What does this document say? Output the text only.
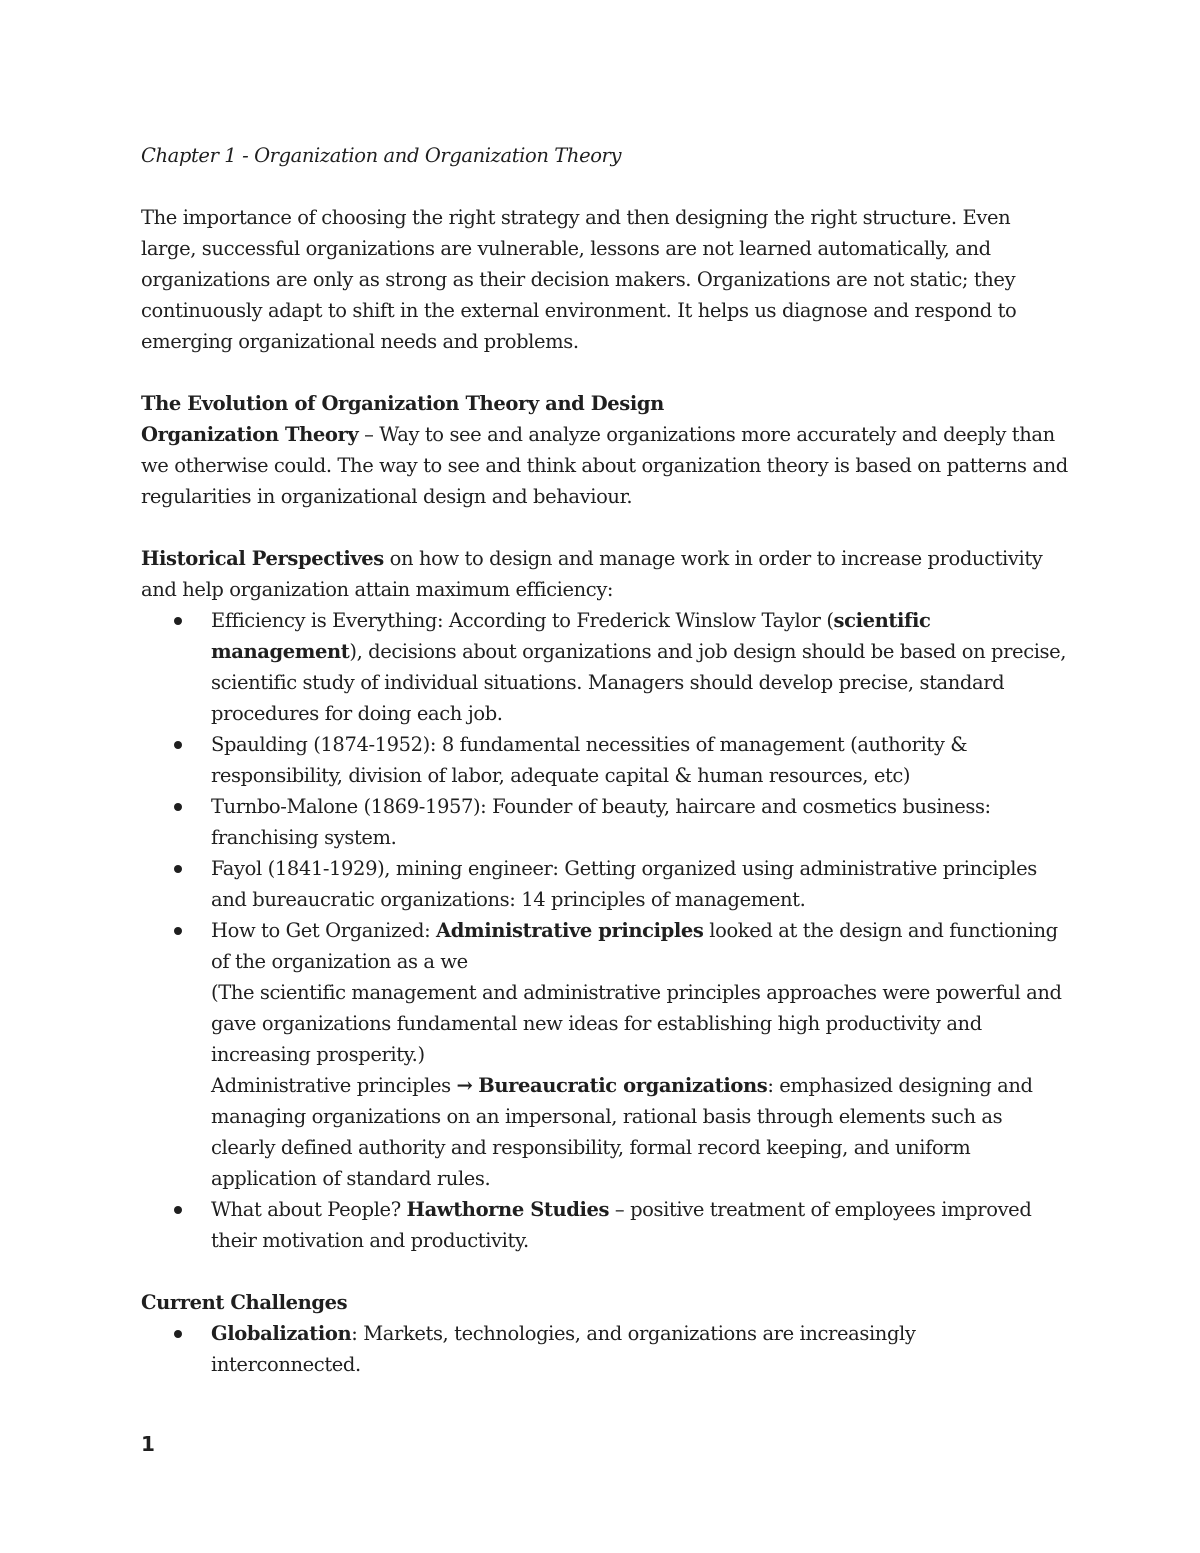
Chapter 1 - Organization and Organization Theory

The importance of choosing the right strategy and then designing the right structure. Even large, successful organizations are vulnerable, lessons are not learned automatically, and organizations are only as strong as their decision makers. Organizations are not static; they continuously adapt to shift in the external environment. It helps us diagnose and respond to emerging organizational needs and problems.

The Evolution of Organization Theory and Design

Organization Theory – Way to see and analyze organizations more accurately and deeply than we otherwise could. The way to see and think about organization theory is based on patterns and regularities in organizational design and behaviour.

Historical Perspectives on how to design and manage work in order to increase productivity and help organization attain maximum efficiency:

Efficiency is Everything: According to Frederick Winslow Taylor (scientific management), decisions about organizations and job design should be based on precise, scientific study of individual situations. Managers should develop precise, standard procedures for doing each job.
Spaulding (1874-1952): 8 fundamental necessities of management (authority & responsibility, division of labor, adequate capital & human resources, etc)
Turnbo-Malone (1869-1957): Founder of beauty, haircare and cosmetics business: franchising system.
Fayol (1841-1929), mining engineer: Getting organized using administrative principles and bureaucratic organizations: 14 principles of management.
How to Get Organized: Administrative principles looked at the design and functioning of the organization as a we
(The scientific management and administrative principles approaches were powerful and gave organizations fundamental new ideas for establishing high productivity and increasing prosperity.)
Administrative principles → Bureaucratic organizations: emphasized designing and managing organizations on an impersonal, rational basis through elements such as clearly defined authority and responsibility, formal record keeping, and uniform application of standard rules.
What about People? Hawthorne Studies – positive treatment of employees improved their motivation and productivity.

Current Challenges

Globalization: Markets, technologies, and organizations are increasingly interconnected.
1
